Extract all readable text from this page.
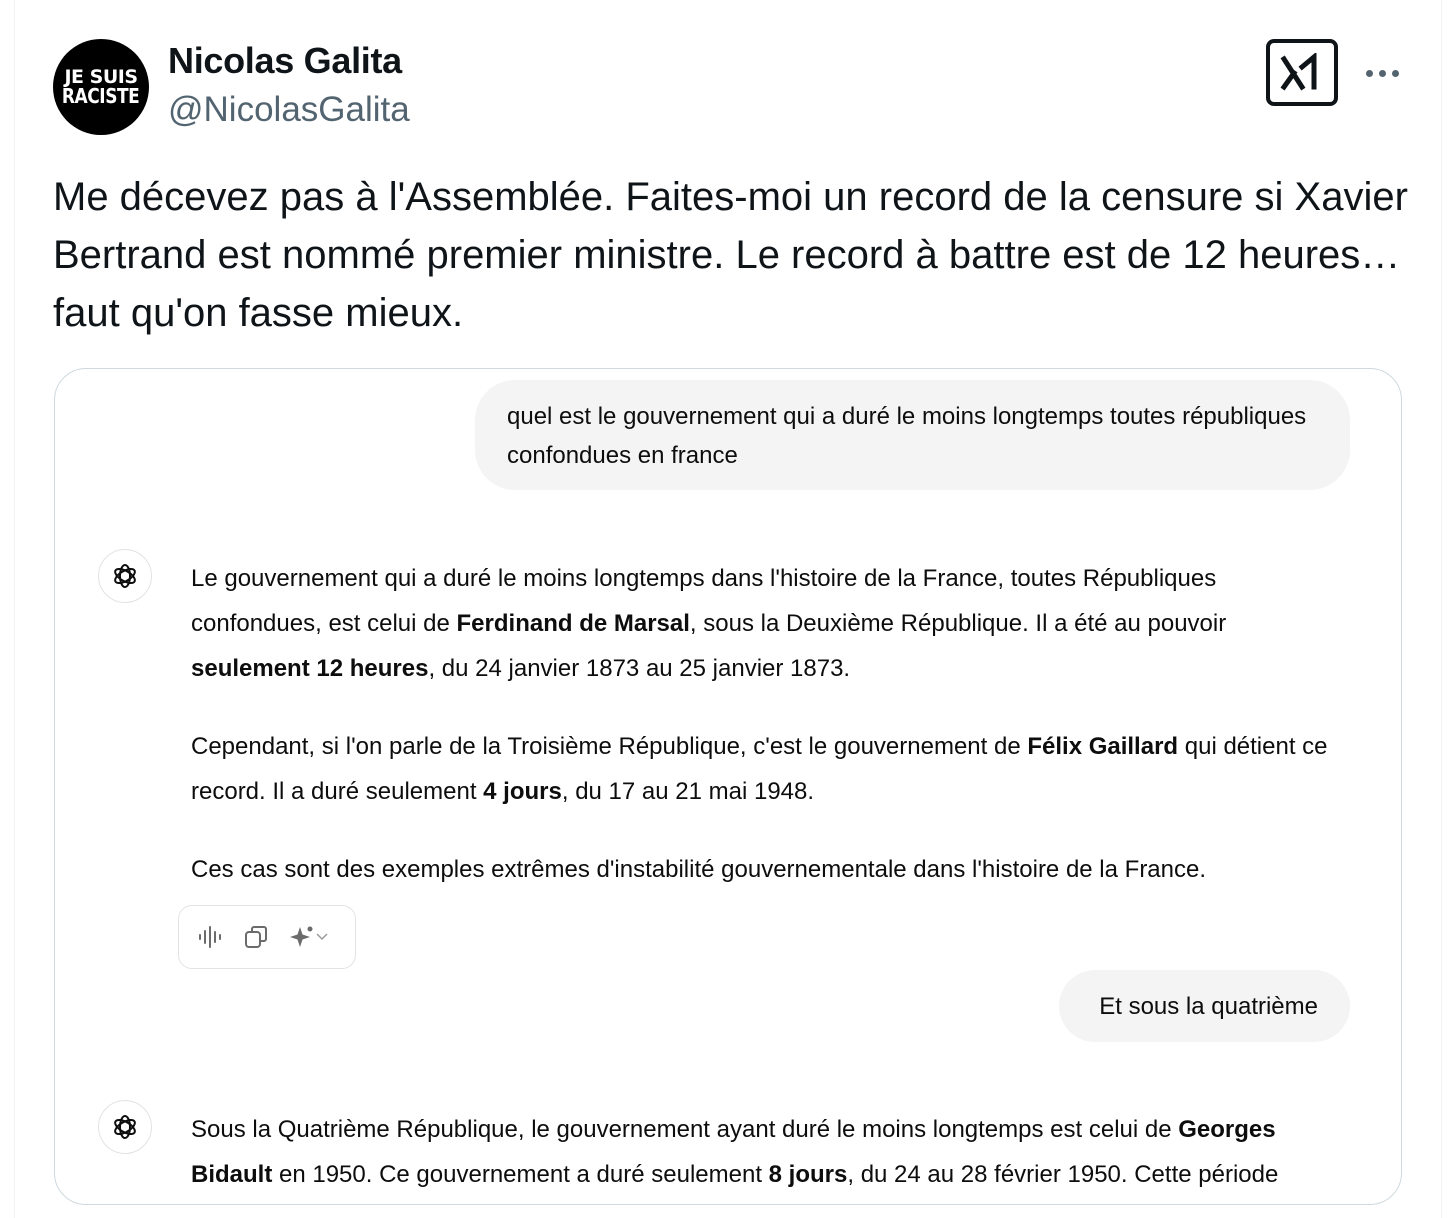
JE SUIS
RACISTE
Nicolas Galita
@NicolasGalita
Me décevez pas à l'Assemblée. Faites-moi un record de la censure si Xavier Bertrand est nommé premier ministre. Le record à battre est de 12 heures… faut qu'on fasse mieux.
quel est le gouvernement qui a duré le moins longtemps toutes républiques confondues en france

Le gouvernement qui a duré le moins longtemps dans l'histoire de la France, toutes Républiques confondues, est celui de Ferdinand de Marsal, sous la Deuxième République. Il a été au pouvoir seulement 12 heures, du 24 janvier 1873 au 25 janvier 1873.

Cependant, si l'on parle de la Troisième République, c'est le gouvernement de Félix Gaillard qui détient ce record. Il a duré seulement 4 jours, du 17 au 21 mai 1948.

Ces cas sont des exemples extrêmes d'instabilité gouvernementale dans l'histoire de la France.

Et sous la quatrième

Sous la Quatrième République, le gouvernement ayant duré le moins longtemps est celui de Georges Bidault en 1950. Ce gouvernement a duré seulement 8 jours, du 24 au 28 février 1950. Cette période
